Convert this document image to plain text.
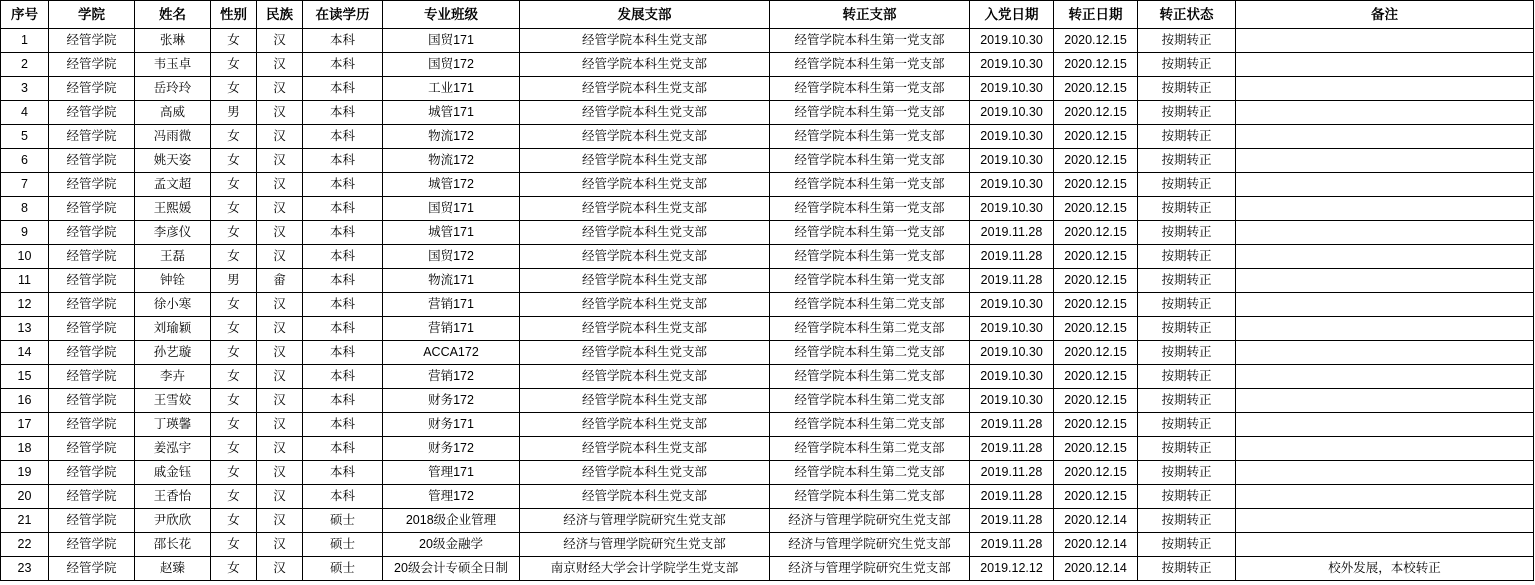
序号	学院	姓名	性别	民族	在读学历	专业班级	发展支部	转正支部	入党日期	转正日期	转正状态	备注
1	经管学院	张琳	女	汉	本科	国贸171	经管学院本科生党支部	经管学院本科生第一党支部	2019.10.30	2020.12.15	按期转正	
2	经管学院	韦玉卓	女	汉	本科	国贸172	经管学院本科生党支部	经管学院本科生第一党支部	2019.10.30	2020.12.15	按期转正	
3	经管学院	岳玲玲	女	汉	本科	工业171	经管学院本科生党支部	经管学院本科生第一党支部	2019.10.30	2020.12.15	按期转正	
4	经管学院	高威	男	汉	本科	城管171	经管学院本科生党支部	经管学院本科生第一党支部	2019.10.30	2020.12.15	按期转正	
5	经管学院	冯雨微	女	汉	本科	物流172	经管学院本科生党支部	经管学院本科生第一党支部	2019.10.30	2020.12.15	按期转正	
6	经管学院	姚天姿	女	汉	本科	物流172	经管学院本科生党支部	经管学院本科生第一党支部	2019.10.30	2020.12.15	按期转正	
7	经管学院	孟文超	女	汉	本科	城管172	经管学院本科生党支部	经管学院本科生第一党支部	2019.10.30	2020.12.15	按期转正	
8	经管学院	王熙媛	女	汉	本科	国贸171	经管学院本科生党支部	经管学院本科生第一党支部	2019.10.30	2020.12.15	按期转正	
9	经管学院	李彦仪	女	汉	本科	城管171	经管学院本科生党支部	经管学院本科生第一党支部	2019.11.28	2020.12.15	按期转正	
10	经管学院	王磊	女	汉	本科	国贸172	经管学院本科生党支部	经管学院本科生第一党支部	2019.11.28	2020.12.15	按期转正	
11	经管学院	钟铨	男	畲	本科	物流171	经管学院本科生党支部	经管学院本科生第一党支部	2019.11.28	2020.12.15	按期转正	
12	经管学院	徐小寒	女	汉	本科	营销171	经管学院本科生党支部	经管学院本科生第二党支部	2019.10.30	2020.12.15	按期转正	
13	经管学院	刘瑜颖	女	汉	本科	营销171	经管学院本科生党支部	经管学院本科生第二党支部	2019.10.30	2020.12.15	按期转正	
14	经管学院	孙艺璇	女	汉	本科	ACCA172	经管学院本科生党支部	经管学院本科生第二党支部	2019.10.30	2020.12.15	按期转正	
15	经管学院	李卉	女	汉	本科	营销172	经管学院本科生党支部	经管学院本科生第二党支部	2019.10.30	2020.12.15	按期转正	
16	经管学院	王雪姣	女	汉	本科	财务172	经管学院本科生党支部	经管学院本科生第二党支部	2019.10.30	2020.12.15	按期转正	
17	经管学院	丁瑛馨	女	汉	本科	财务171	经管学院本科生党支部	经管学院本科生第二党支部	2019.11.28	2020.12.15	按期转正	
18	经管学院	姜泓宇	女	汉	本科	财务172	经管学院本科生党支部	经管学院本科生第二党支部	2019.11.28	2020.12.15	按期转正	
19	经管学院	戚金钰	女	汉	本科	管理171	经管学院本科生党支部	经管学院本科生第二党支部	2019.11.28	2020.12.15	按期转正	
20	经管学院	王香怡	女	汉	本科	管理172	经管学院本科生党支部	经管学院本科生第二党支部	2019.11.28	2020.12.15	按期转正	
21	经管学院	尹欣欣	女	汉	硕士	2018级企业管理	经济与管理学院研究生党支部	经济与管理学院研究生党支部	2019.11.28	2020.12.14	按期转正	
22	经管学院	邵长花	女	汉	硕士	20级金融学	经济与管理学院研究生党支部	经济与管理学院研究生党支部	2019.11.28	2020.12.14	按期转正	
23	经管学院	赵臻	女	汉	硕士	20级会计专硕全日制	南京财经大学会计学院学生党支部	经济与管理学院研究生党支部	2019.12.12	2020.12.14	按期转正	校外发展，本校转正
